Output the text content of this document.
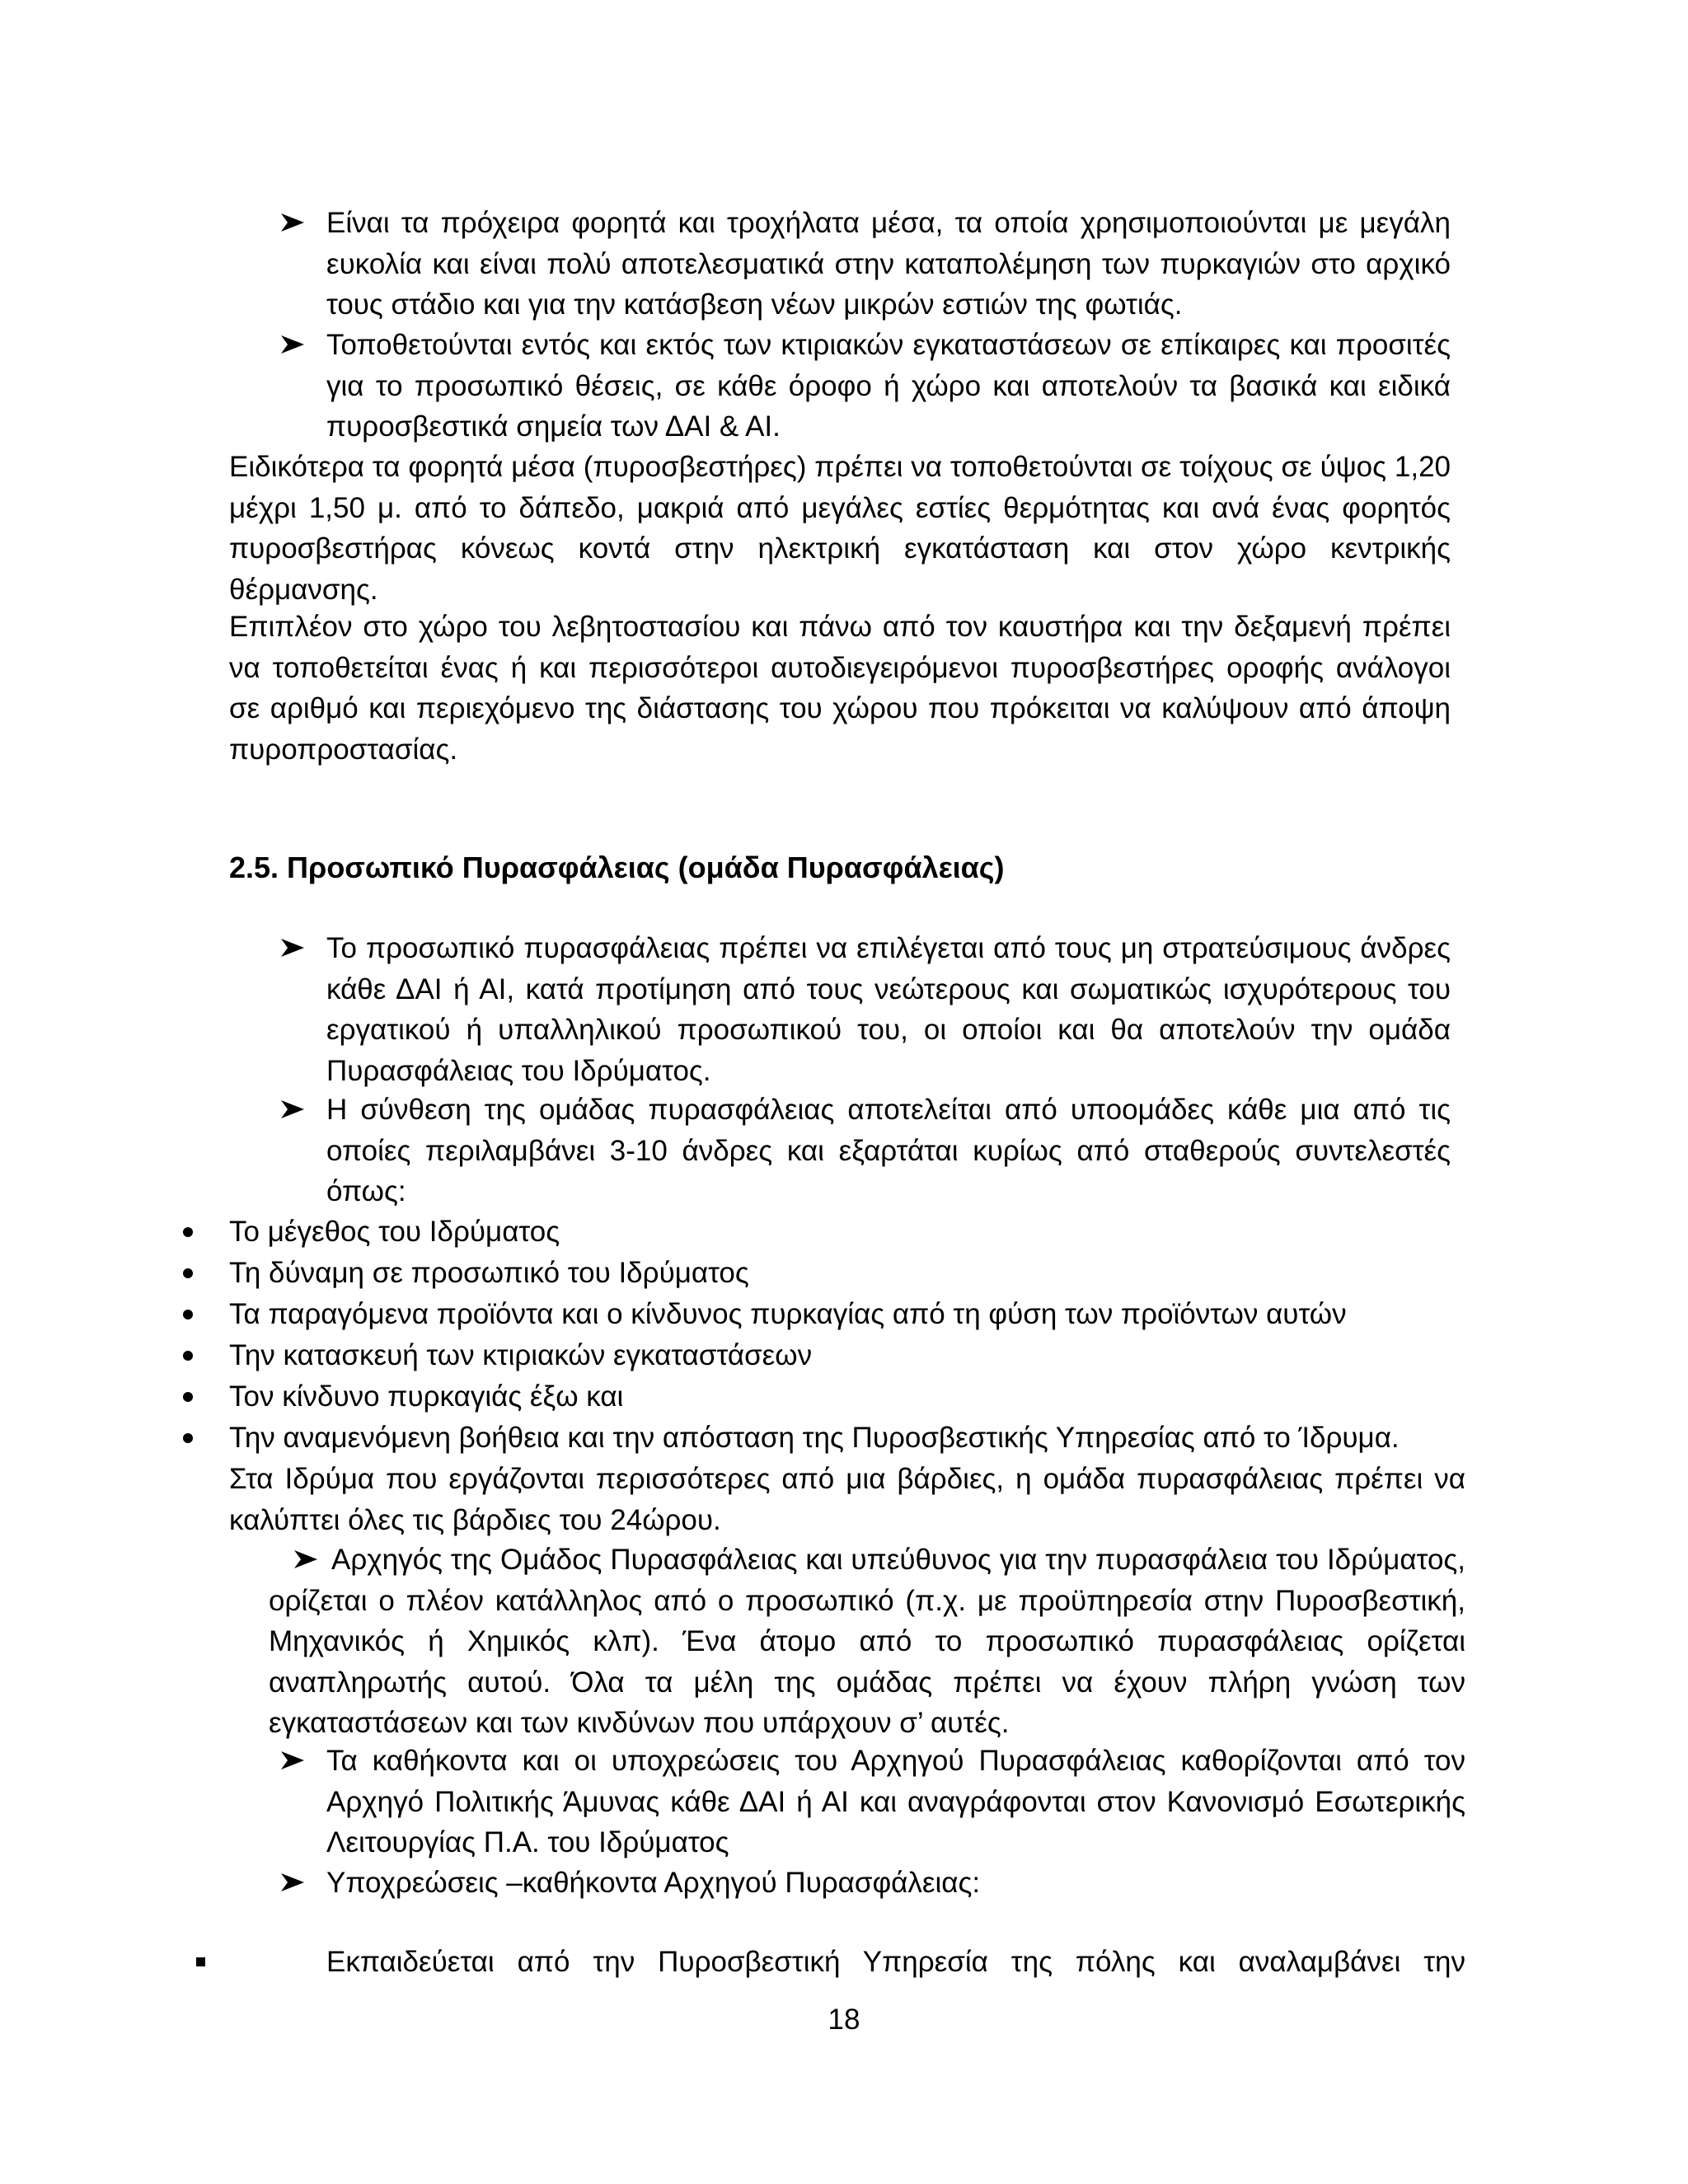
Είναι τα πρόχειρα φορητά και τροχήλατα μέσα, τα οποία χρησιμοποιούνται με μεγάλη ευκολία και είναι πολύ αποτελεσματικά στην καταπολέμηση των πυρκαγιών στο αρχικό τους στάδιο και για την κατάσβεση νέων μικρών εστιών της φωτιάς.

Τοποθετούνται εντός και εκτός των κτιριακών εγκαταστάσεων σε επίκαιρες και προσιτές για το προσωπικό θέσεις, σε κάθε όροφο ή χώρο και αποτελούν τα βασικά και ειδικά πυροσβεστικά σημεία των ΔΑΙ & ΑΙ.

Ειδικότερα τα φορητά μέσα (πυροσβεστήρες) πρέπει να τοποθετούνται σε τοίχους σε ύψος 1,20 μέχρι 1,50 μ. από το δάπεδο, μακριά από μεγάλες εστίες θερμότητας και ανά ένας φορητός πυροσβεστήρας κόνεως κοντά στην ηλεκτρική εγκατάσταση και στον χώρο κεντρικής θέρμανσης.

Επιπλέον στο χώρο του λεβητοστασίου και πάνω από τον καυστήρα και την δεξαμενή πρέπει να τοποθετείται ένας ή και περισσότεροι αυτοδιεγειρόμενοι πυροσβεστήρες οροφής ανάλογοι σε αριθμό και περιεχόμενο της διάστασης του χώρου που πρόκειται να καλύψουν από άποψη πυροπροστασίας.

2.5. Προσωπικό Πυρασφάλειας (ομάδα Πυρασφάλειας)

Το προσωπικό πυρασφάλειας πρέπει να επιλέγεται από τους μη στρατεύσιμους άνδρες κάθε ΔΑΙ ή ΑΙ, κατά προτίμηση από τους νεώτερους και σωματικώς ισχυρότερους του εργατικού ή υπαλληλικού προσωπικού του, οι οποίοι και θα αποτελούν την ομάδα Πυρασφάλειας του Ιδρύματος.

Η σύνθεση της ομάδας πυρασφάλειας αποτελείται από υποομάδες κάθε μια από τις οποίες περιλαμβάνει 3-10 άνδρες και εξαρτάται κυρίως από σταθερούς συντελεστές όπως:

Το μέγεθος του Ιδρύματος

Τη δύναμη σε προσωπικό του Ιδρύματος

Τα παραγόμενα προϊόντα και ο κίνδυνος πυρκαγίας από τη φύση των προϊόντων αυτών

Την κατασκευή των κτιριακών εγκαταστάσεων

Τον κίνδυνο πυρκαγιάς έξω και

Την αναμενόμενη βοήθεια και την απόσταση της Πυροσβεστικής Υπηρεσίας από το Ίδρυμα.

Στα Ιδρύμα που εργάζονται περισσότερες από μια βάρδιες, η ομάδα πυρασφάλειας πρέπει να καλύπτει όλες τις βάρδιες του 24ώρου.

Αρχηγός της Ομάδος Πυρασφάλειας και υπεύθυνος για την πυρασφάλεια του Ιδρύματος, ορίζεται ο πλέον κατάλληλος από ο προσωπικό (π.χ. με προϋπηρεσία στην Πυροσβεστική, Μηχανικός ή Χημικός κλπ). Ένα άτομο από το προσωπικό πυρασφάλειας ορίζεται αναπληρωτής αυτού. Όλα τα μέλη της ομάδας πρέπει να έχουν πλήρη γνώση των εγκαταστάσεων και των κινδύνων που υπάρχουν σ’ αυτές.

Τα καθήκοντα και οι υποχρεώσεις του Αρχηγού Πυρασφάλειας καθορίζονται από τον Αρχηγό Πολιτικής Άμυνας κάθε ΔΑΙ ή ΑΙ και αναγράφονται στον Κανονισμό Εσωτερικής Λειτουργίας Π.Α. του Ιδρύματος

Υποχρεώσεις –καθήκοντα Αρχηγού Πυρασφάλειας:

Εκπαιδεύεται από την Πυροσβεστική Υπηρεσία της πόλης και αναλαμβάνει την

18
